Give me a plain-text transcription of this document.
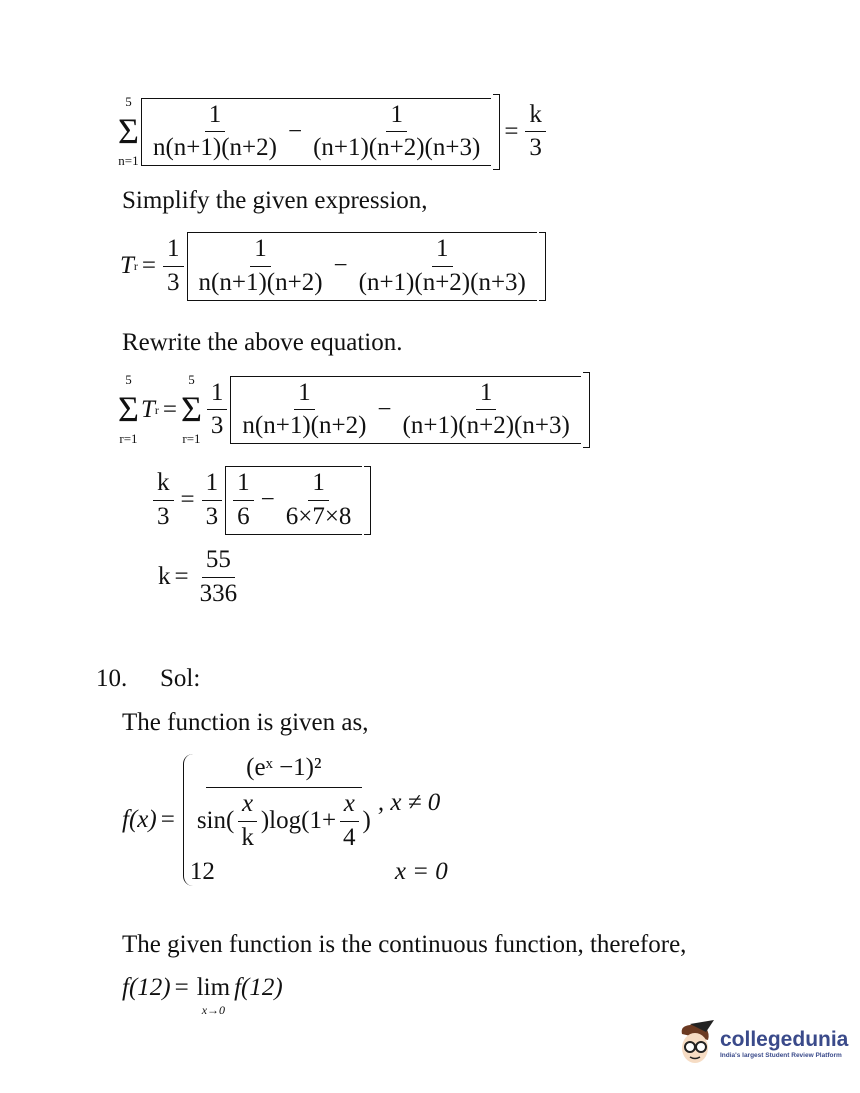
5
Σ
$n=1 \frac{1}{n(n+1)(n+2)} - \frac{1}{(n+1)(n+2)(n+3)} = \frac{k}{3}$
Simplify the given expression,
T $r = \frac{1}{3} \frac{1}{n(n+1)(n+2)} - \frac{1}{(n+1)(n+2)(n+3)}$
Rewrite the above equation.
5
Σ
r=1
T r =
5
Σ
$r=1 \frac{1}{3} \frac{1}{n(n+1)(n+2)} - \frac{1}{(n+1)(n+2)(n+3)}$
$\frac{k}{3} = \frac{1}{3} \frac{1}{6} - \frac{1}{6\times 7\times 8}$
$k = \frac{55}{336}$
10. Sol:
The function is given as,
$f(x) = \frac{\text{(eˣ −1)²}}{\sin ( \frac{x}{k} ) \log ( 1+ \frac{x}{4} )}$ , x ≠ 0
12	x = 0
The given function is the continuous function, therefore,
f(12) = lim
x→0
f(12)
collegedunia
India's largest Student Review Platform
